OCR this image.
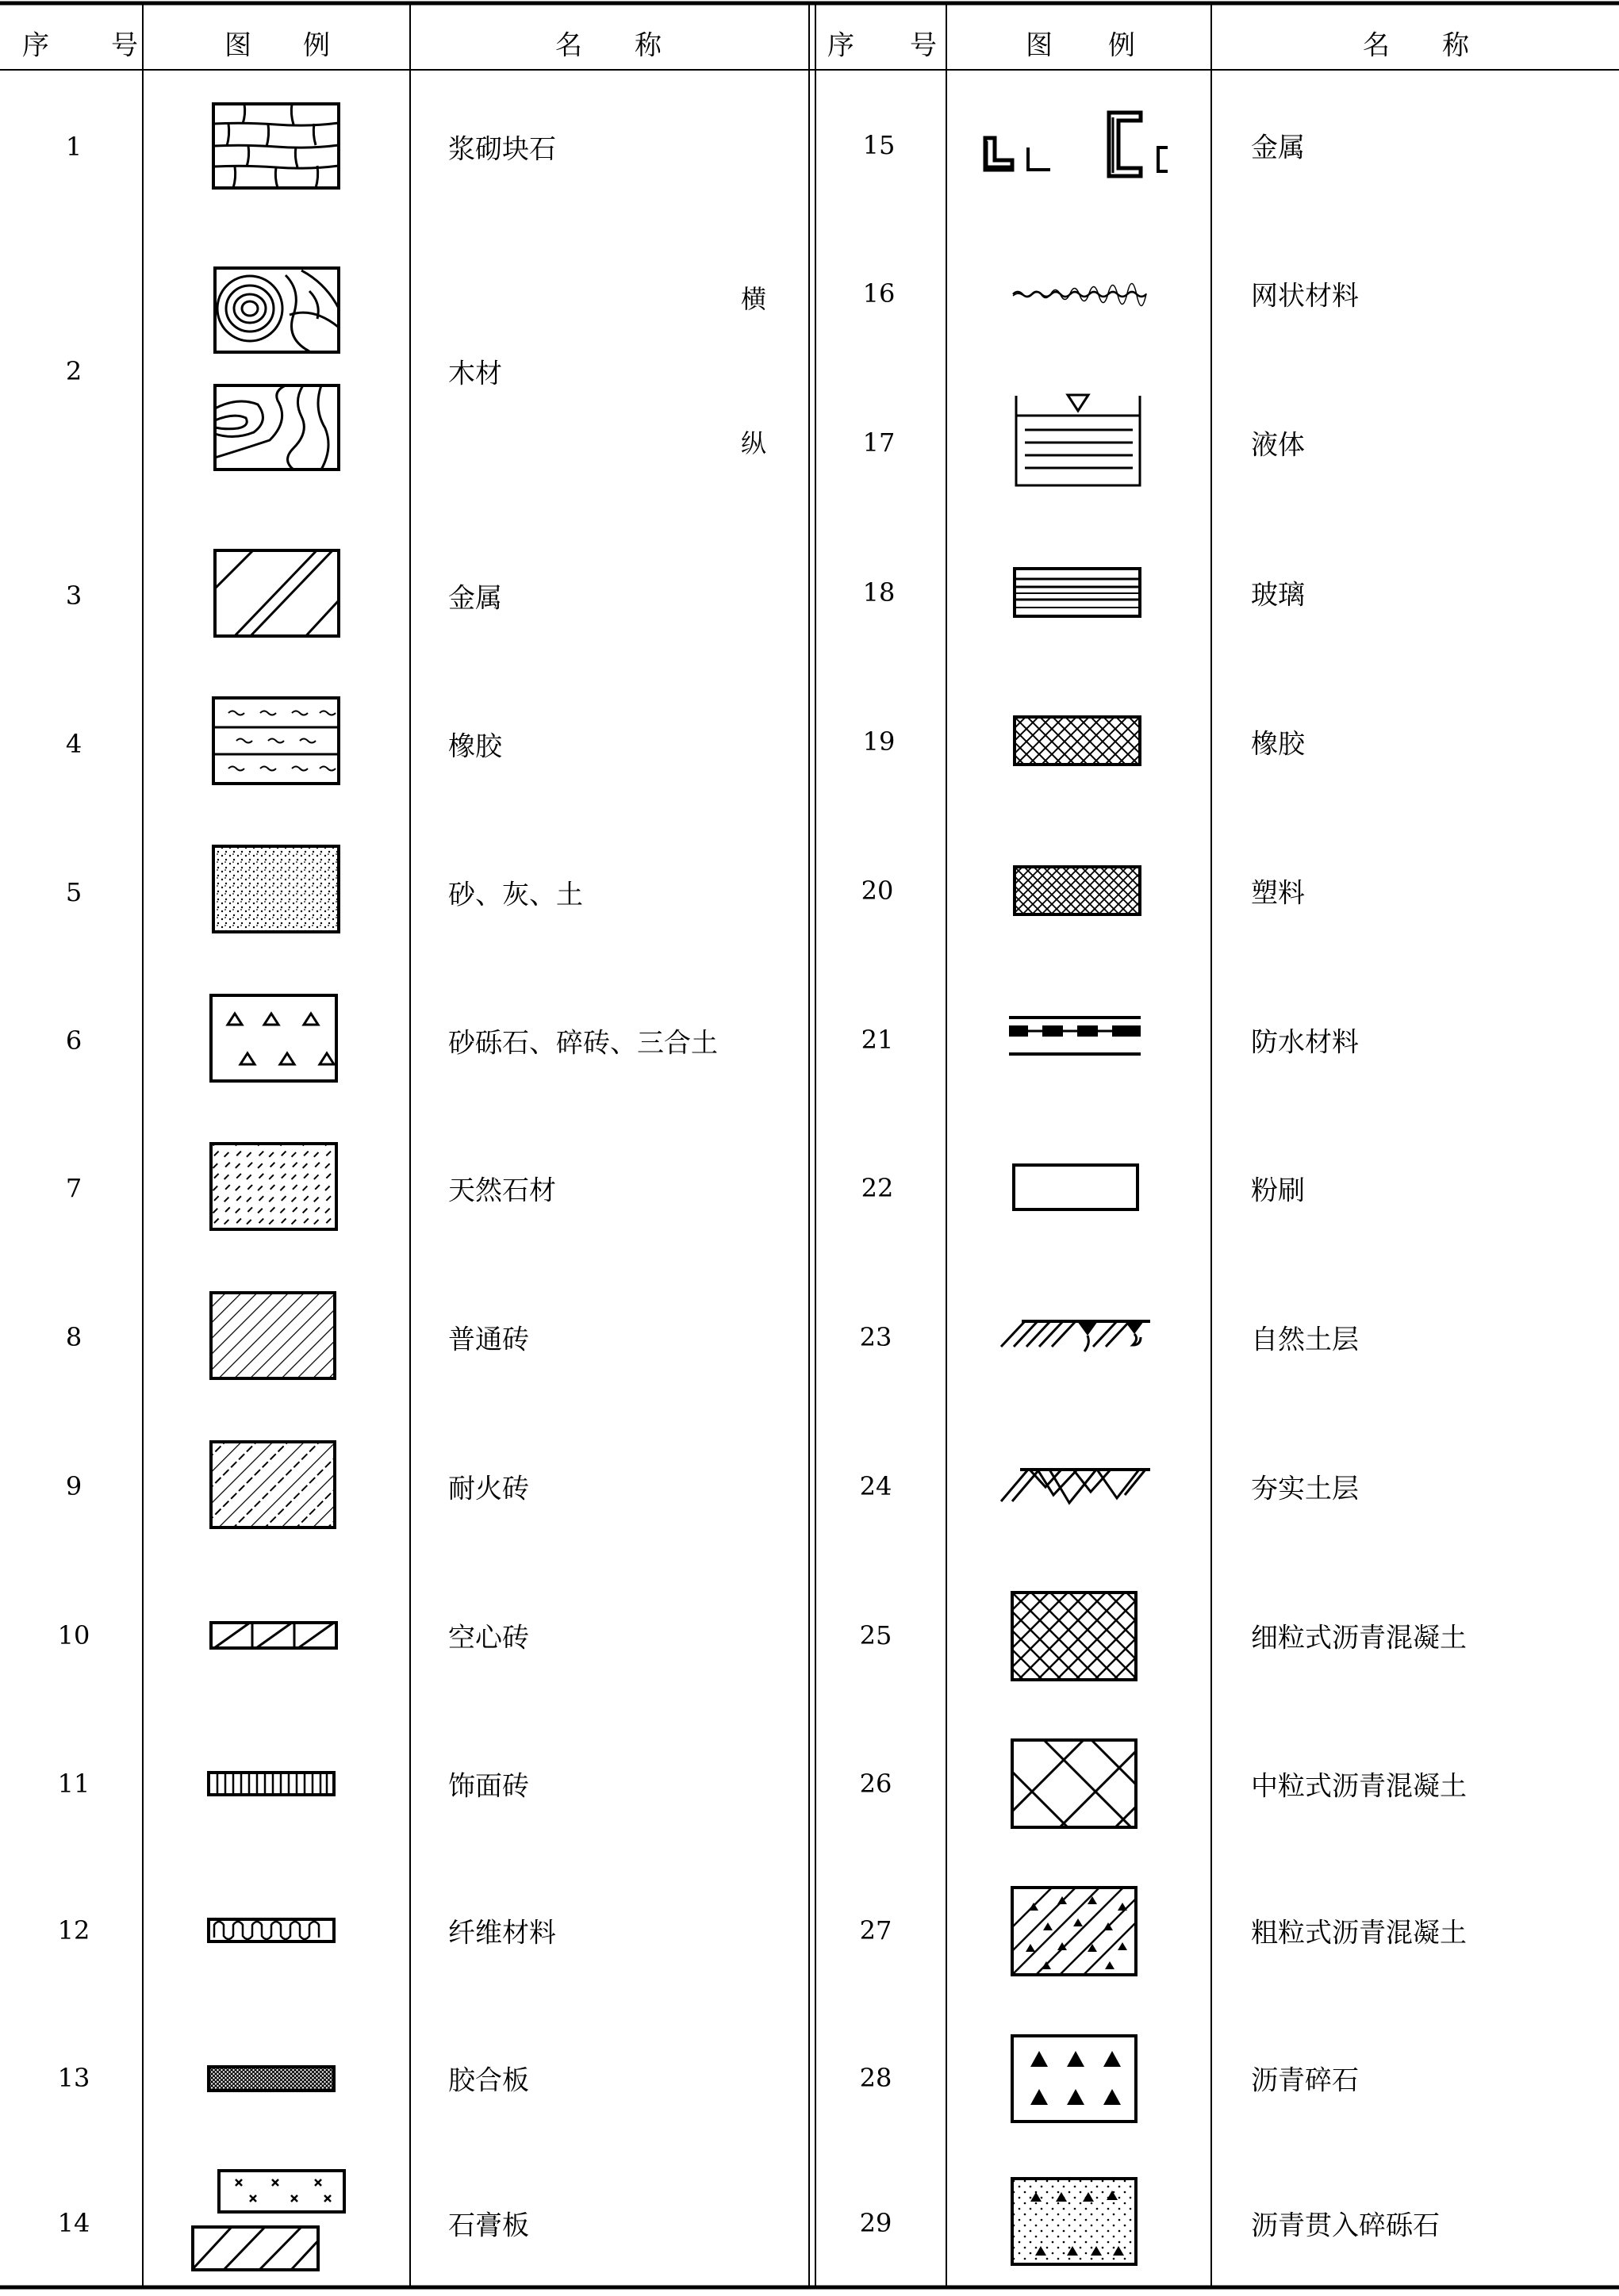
序 号	图 例	名 称	序 号	图 例	名 称
1	浆砌块石
2	木材
横
纵
3	金属
4	橡胶
5	砂、灰、土
6	砂砾石、碎砖、三合土
7	天然石材
8	普通砖
9	耐火砖
10	空心砖
11	饰面砖
12	纤维材料
13	胶合板
14	石膏板
15	金属
16	网状材料
17	液体
18	玻璃
19	橡胶
20	塑料
21	防水材料
22	粉刷
23	自然土层
24	夯实土层
25	细粒式沥青混凝土
26	中粒式沥青混凝土
27	粗粒式沥青混凝土
28	沥青碎石
29	沥青贯入碎砾石
